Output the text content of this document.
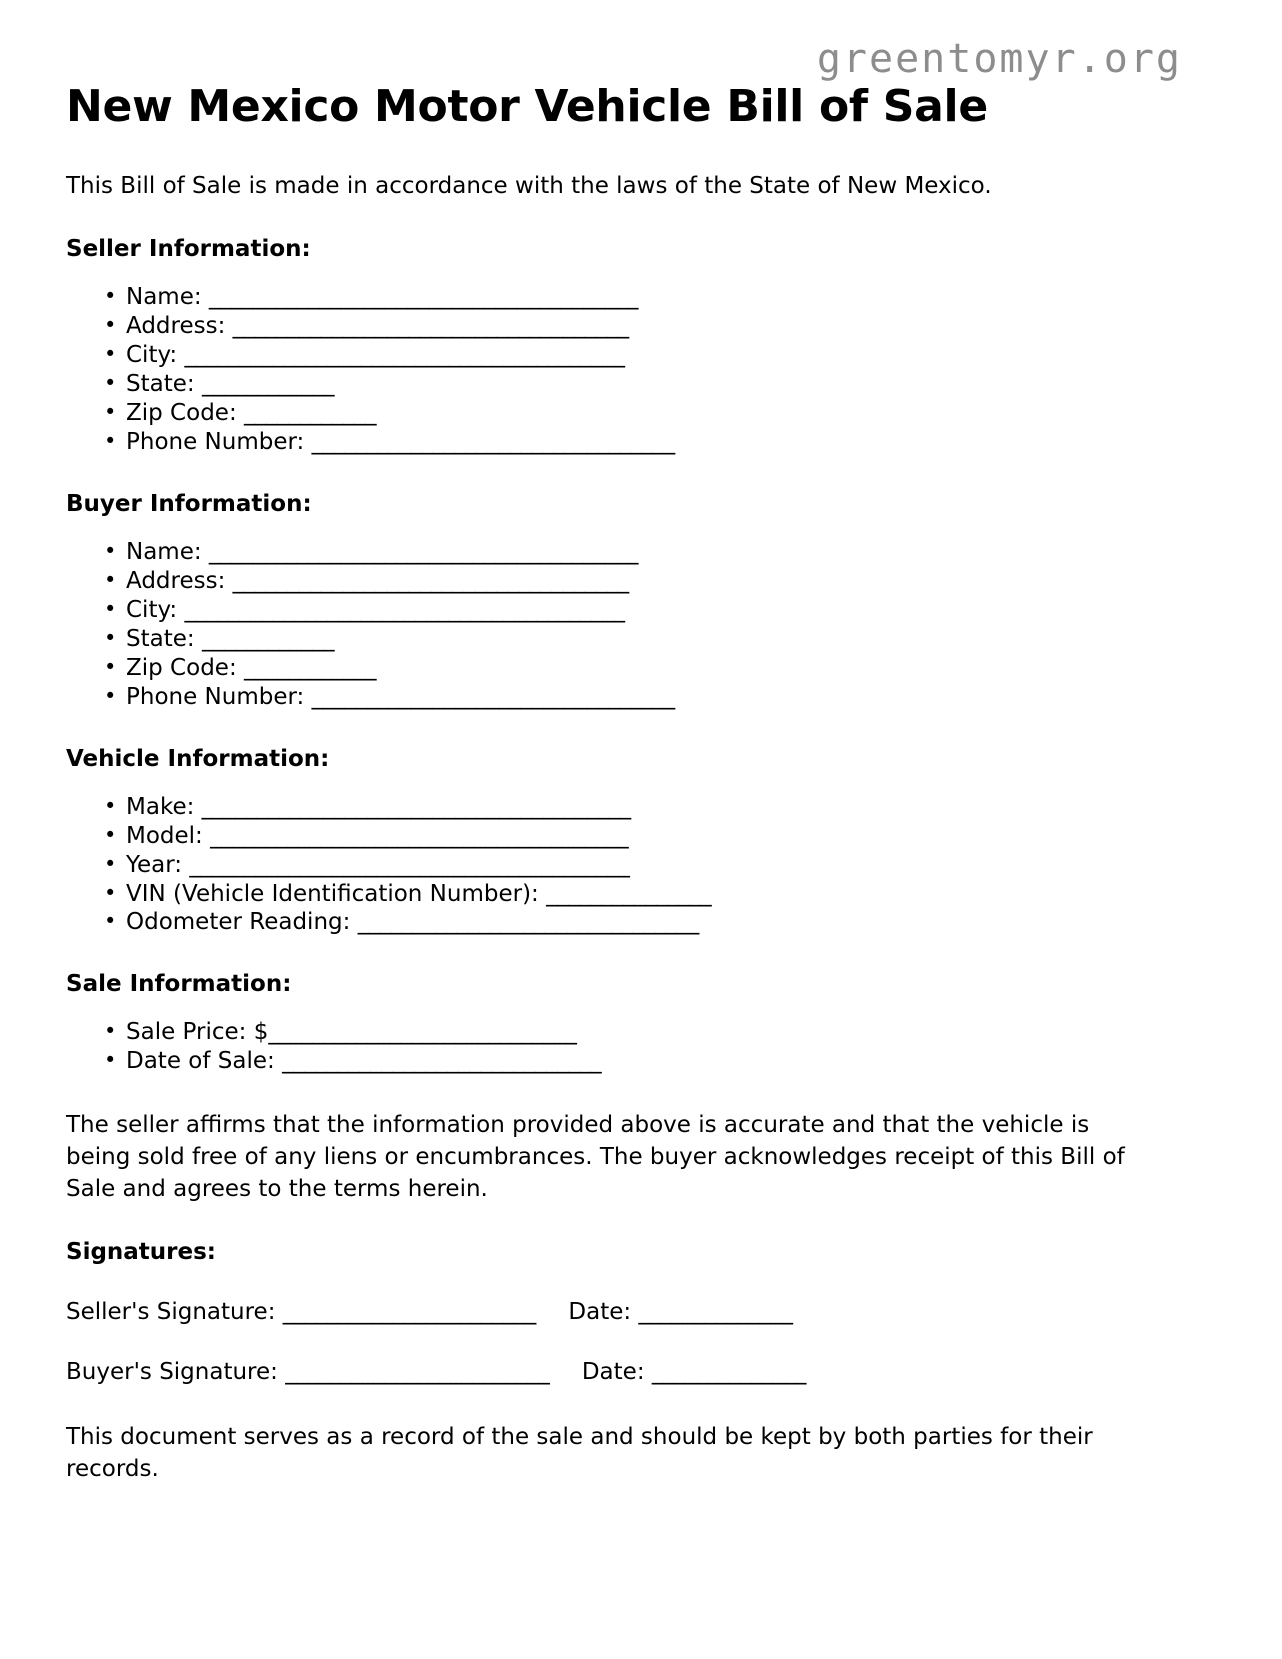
greentomyr.org
New Mexico Motor Vehicle Bill of Sale

This Bill of Sale is made in accordance with the laws of the State of New Mexico.

Seller Information:
• Name: _______________________________________
• Address: ____________________________________
• City: ________________________________________
• State: ____________
• Zip Code: ____________
• Phone Number: _________________________________
Buyer Information:
• Name: _______________________________________
• Address: ____________________________________
• City: ________________________________________
• State: ____________
• Zip Code: ____________
• Phone Number: _________________________________
Vehicle Information:
• Make: _______________________________________
• Model: ______________________________________
• Year: ________________________________________
• VIN (Vehicle Identification Number): _______________
• Odometer Reading: _______________________________
Sale Information:
• Sale Price: $____________________________
• Date of Sale: _____________________________

The seller affirms that the information provided above is accurate and that the vehicle is being sold free of any liens or encumbrances. The buyer acknowledges receipt of this Bill of Sale and agrees to the terms herein.

Signatures:
Seller's Signature: _______________________ Date: ______________
Buyer's Signature: ________________________ Date: ______________

This document serves as a record of the sale and should be kept by both parties for their records.
